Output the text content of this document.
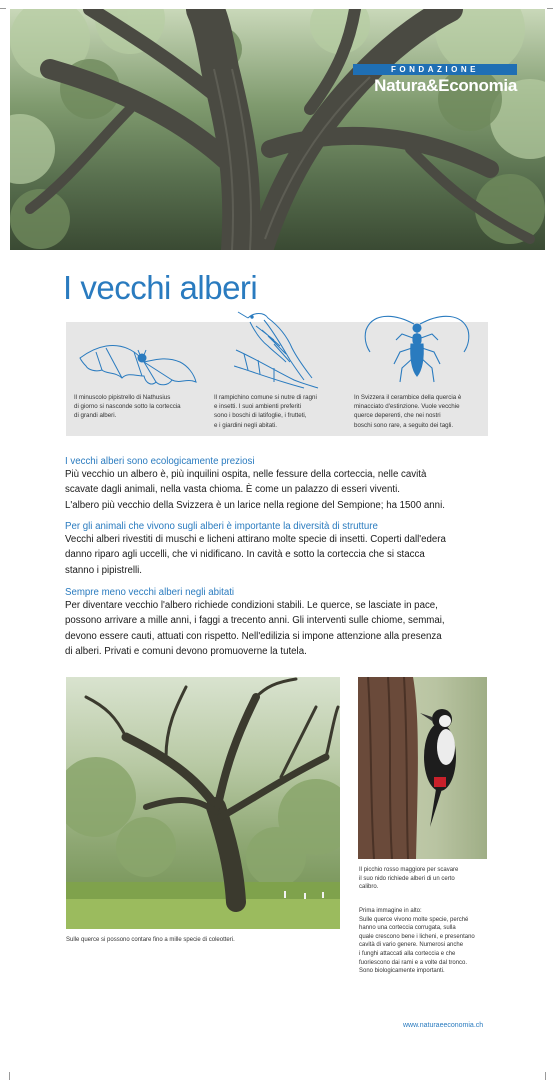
FONDAZIONE
Natura&Economia
I vecchi alberi
Il minuscolo pipistrello di Nathusius
di giorno si nasconde sotto la corteccia
di grandi alberi.
Il rampichino comune si nutre di ragni
e insetti. I suoi ambienti preferiti
sono i boschi di latifoglie, i frutteti,
e i giardini negli abitati.
In Svizzera il cerambice della quercia è
minacciato d'estinzione. Vuole vecchie
querce deperenti, che nei nostri
boschi sono rare, a seguito dei tagli.
I vecchi alberi sono ecologicamente preziosi
Più vecchio un albero è, più inquilini ospita, nelle fessure della corteccia, nelle cavità
scavate dagli animali, nella vasta chioma. È come un palazzo di esseri viventi.
L'albero più vecchio della Svizzera è un larice nella regione del Sempione; ha 1500 anni.
Per gli animali che vivono sugli alberi è importante la diversità di strutture
Vecchi alberi rivestiti di muschi e licheni attirano molte specie di insetti. Coperti dall'edera
danno riparo agli uccelli, che vi nidificano. In cavità e sotto la corteccia che si stacca
stanno i pipistrelli.
Sempre meno vecchi alberi negli abitati
Per diventare vecchio l'albero richiede condizioni stabili. Le querce, se lasciate in pace,
possono arrivare a mille anni, i faggi a trecento anni. Gli interventi sulle chiome, semmai,
devono essere cauti, attuati con rispetto. Nell'edilizia si impone attenzione alla presenza
di alberi. Privati e comuni devono promuoverne la tutela.
Sulle querce si possono contare fino a mille specie di coleotteri.
Il picchio rosso maggiore per scavare
il suo nido richiede alberi di un certo
calibro.
Prima immagine in alto:
Sulle querce vivono molte specie, perché
hanno una corteccia corrugata, sulla
quale crescono bene i licheni, e presentano
cavità di vario genere. Numerosi anche
i funghi attaccati alla corteccia e che
fuoriescono dai rami e a volte dal tronco.
Sono biologicamente importanti.
www.naturaeeconomia.ch
